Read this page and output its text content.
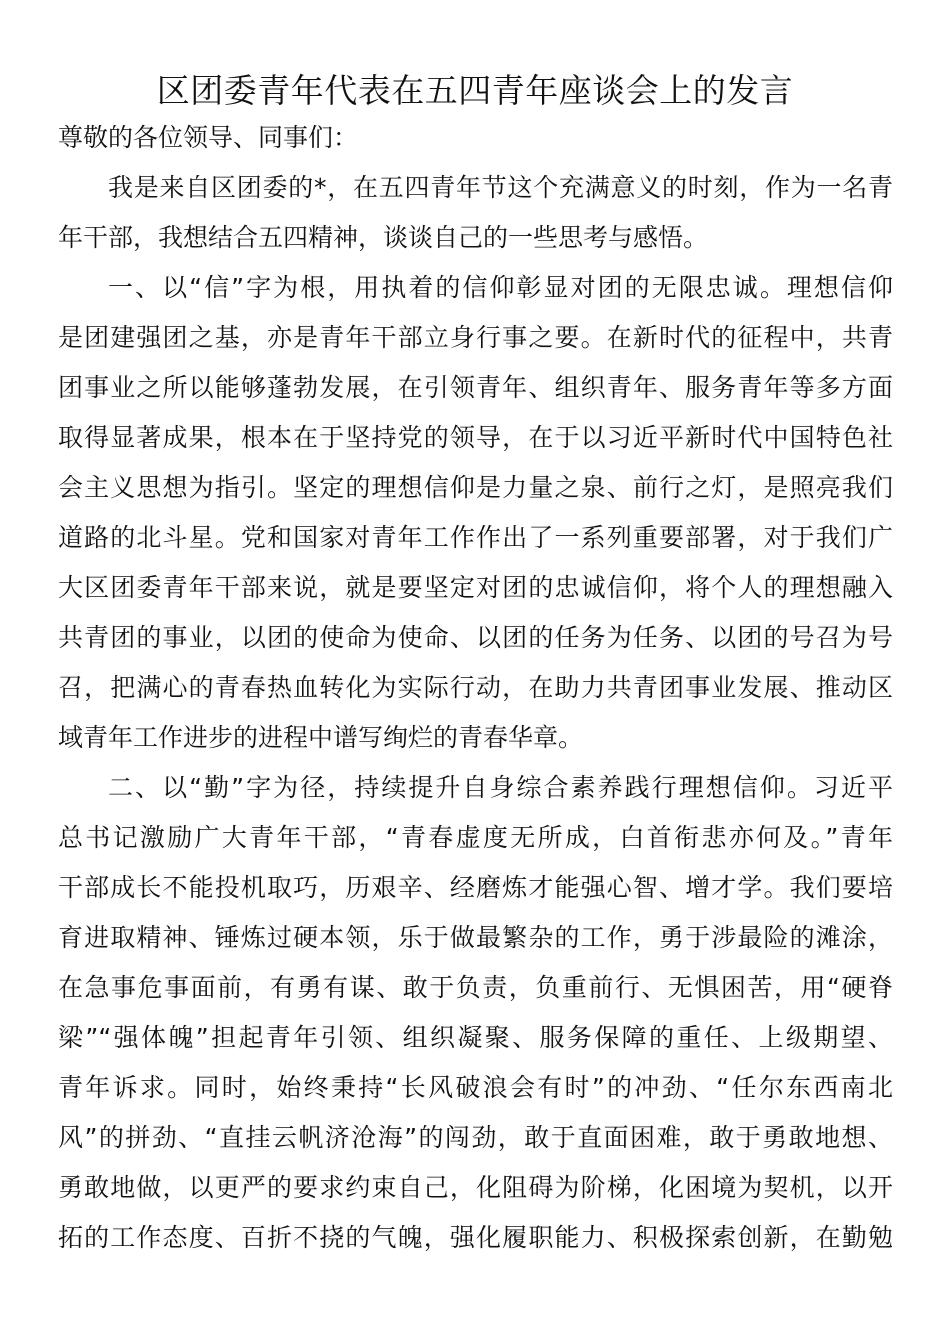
区团委青年代表在五四青年座谈会上的发言
尊敬的各位领导、同事们：
我是来自区团委的*，在五四青年节这个充满意义的时刻，作为一名青
年干部，我想结合五四精神，谈谈自己的一些思考与感悟。
一、以“信”字为根，用执着的信仰彰显对团的无限忠诚。理想信仰
是团建强团之基，亦是青年干部立身行事之要。在新时代的征程中，共青
团事业之所以能够蓬勃发展，在引领青年、组织青年、服务青年等多方面
取得显著成果，根本在于坚持党的领导，在于以习近平新时代中国特色社
会主义思想为指引。坚定的理想信仰是力量之泉、前行之灯，是照亮我们
道路的北斗星。党和国家对青年工作作出了一系列重要部署，对于我们广
大区团委青年干部来说，就是要坚定对团的忠诚信仰，将个人的理想融入
共青团的事业，以团的使命为使命、以团的任务为任务、以团的号召为号
召，把满心的青春热血转化为实际行动，在助力共青团事业发展、推动区
域青年工作进步的进程中谱写绚烂的青春华章。
二、以“勤”字为径，持续提升自身综合素养践行理想信仰。习近平
总书记激励广大青年干部，“青春虚度无所成，白首衔悲亦何及。”青年
干部成长不能投机取巧，历艰辛、经磨炼才能强心智、增才学。我们要培
育进取精神、锤炼过硬本领，乐于做最繁杂的工作，勇于涉最险的滩涂，
在急事危事面前，有勇有谋、敢于负责，负重前行、无惧困苦，用“硬脊
梁”“强体魄”担起青年引领、组织凝聚、服务保障的重任、上级期望、
青年诉求。同时，始终秉持“长风破浪会有时”的冲劲、“任尔东西南北
风”的拼劲、“直挂云帆济沧海”的闯劲，敢于直面困难，敢于勇敢地想、
勇敢地做，以更严的要求约束自己，化阻碍为阶梯，化困境为契机，以开
拓的工作态度、百折不挠的气魄，强化履职能力、积极探索创新，在勤勉
